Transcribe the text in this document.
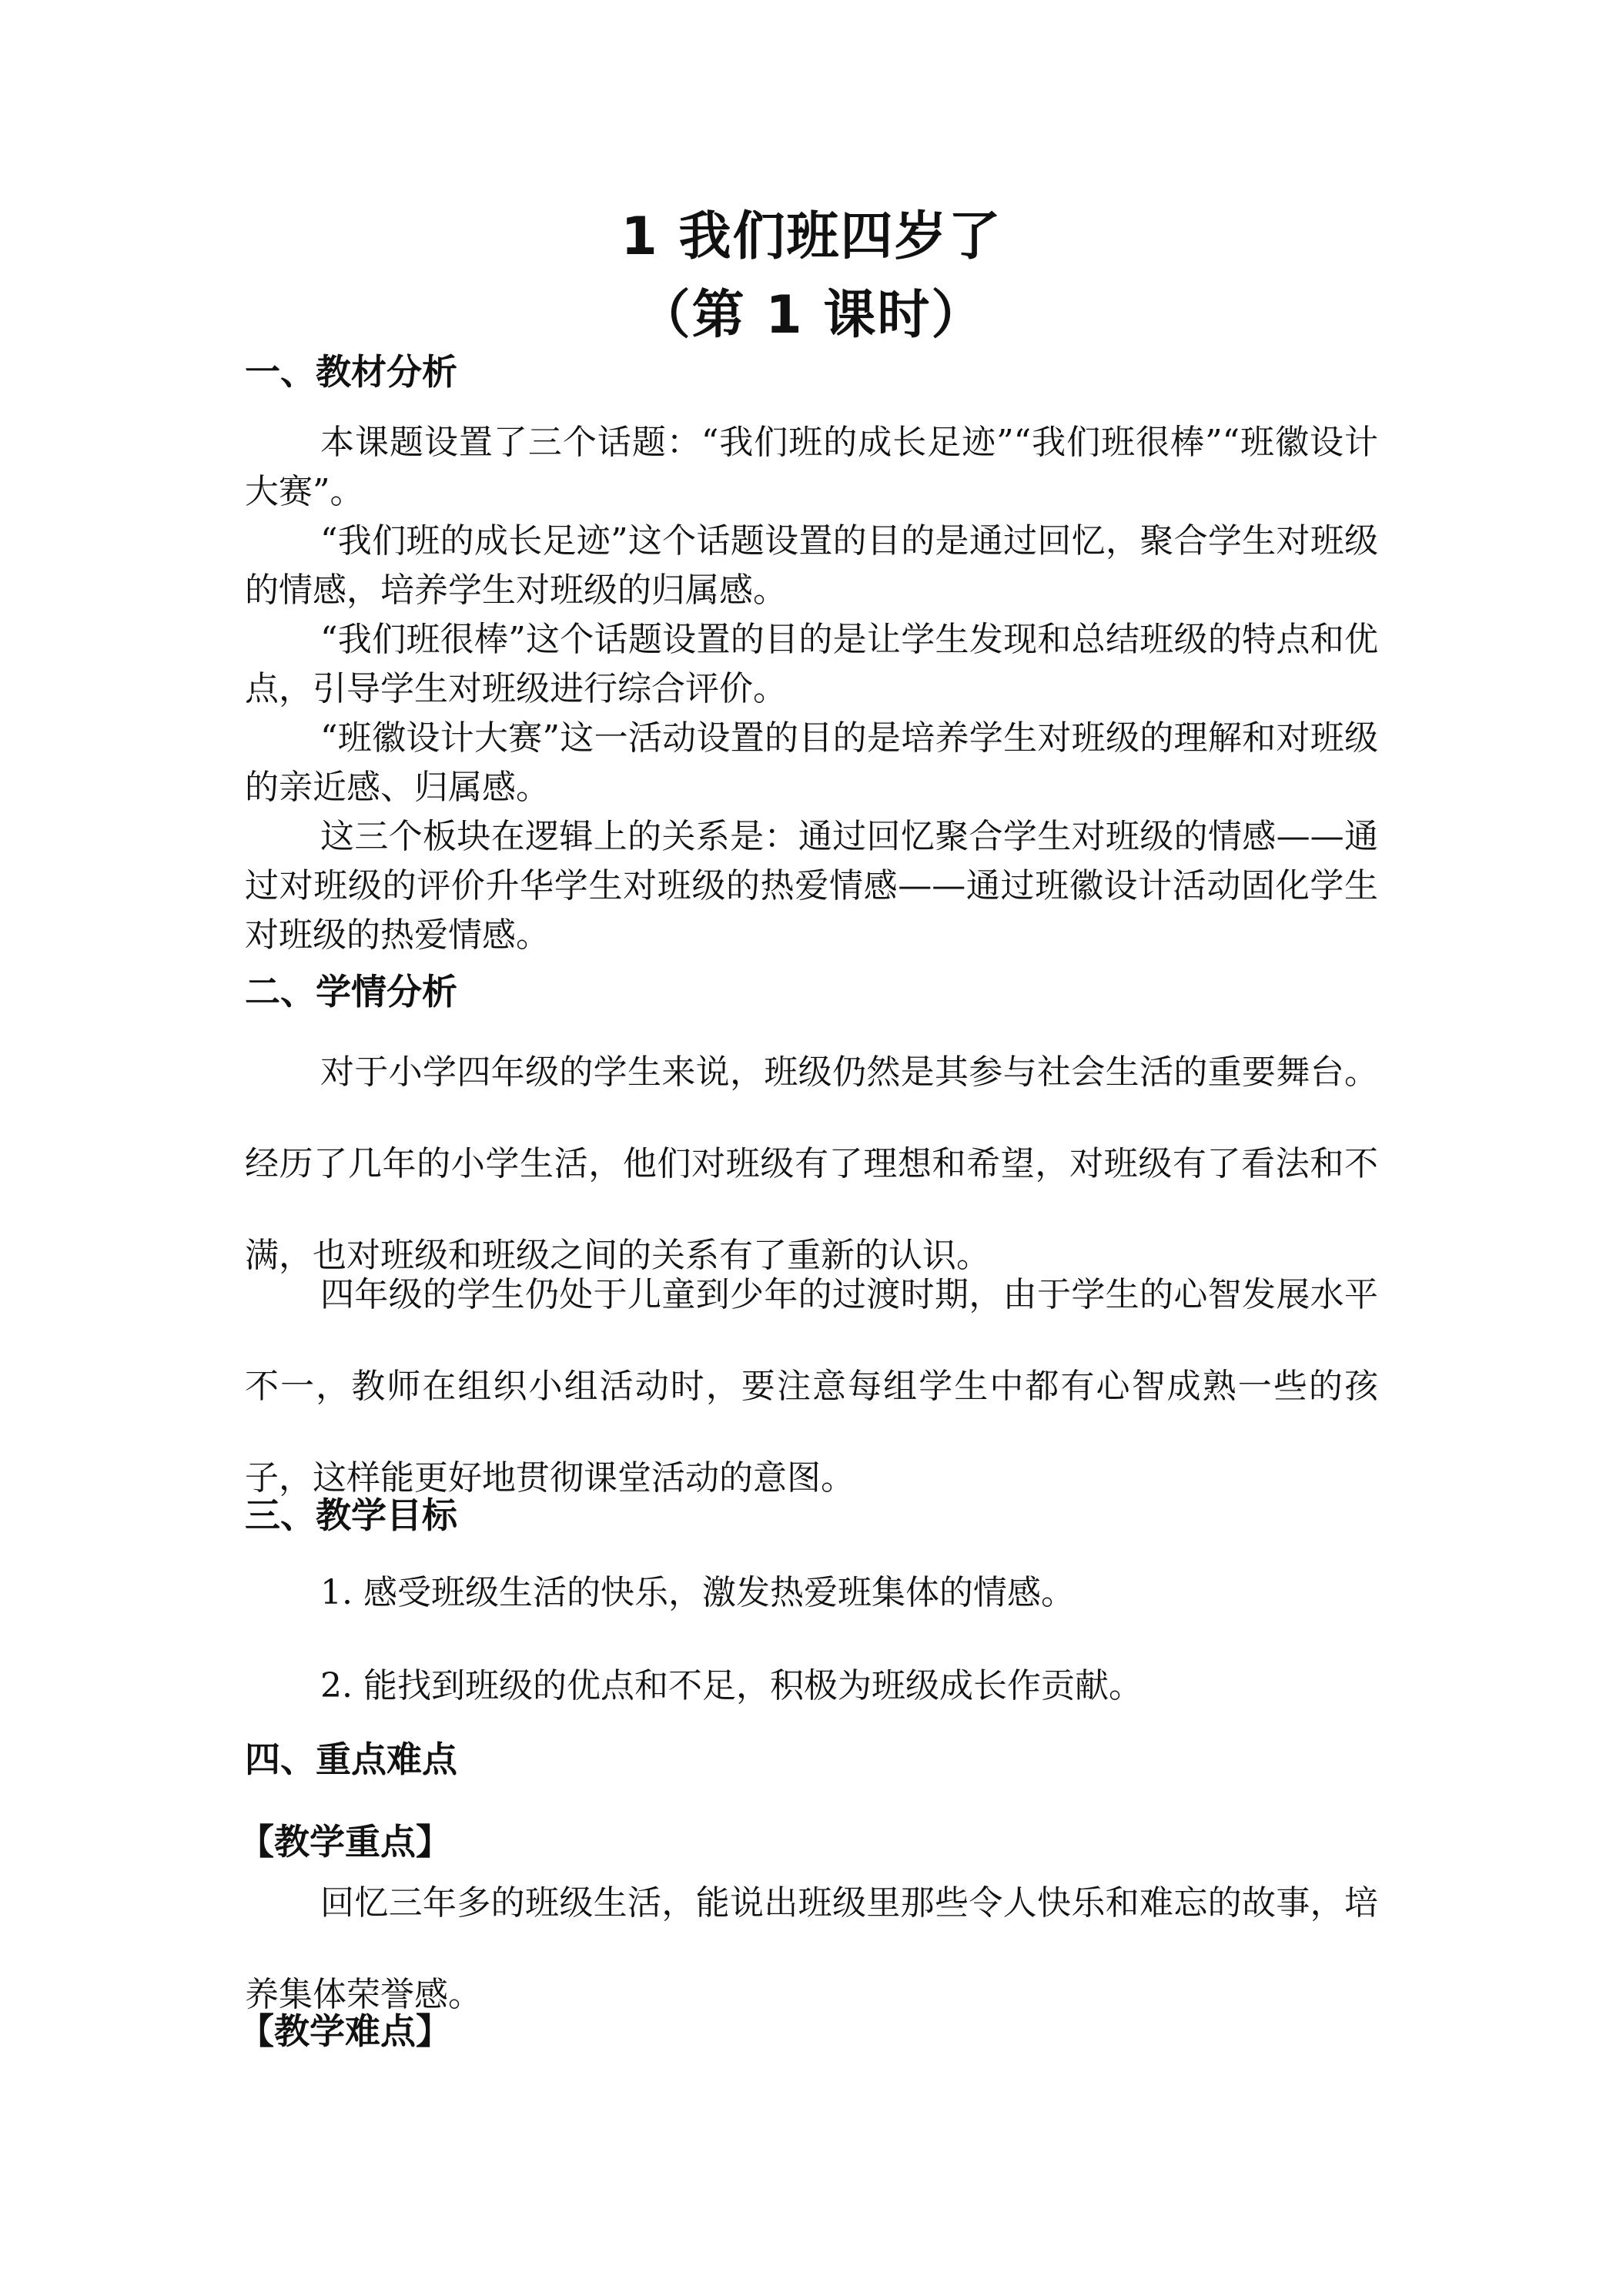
1 我们班四岁了
（第 1 课时）
一、教材分析

本课题设置了三个话题：“我们班的成长足迹”“我们班很棒”“班徽设计大赛”。

“我们班的成长足迹”这个话题设置的目的是通过回忆，聚合学生对班级的情感，培养学生对班级的归属感。

“我们班很棒”这个话题设置的目的是让学生发现和总结班级的特点和优点，引导学生对班级进行综合评价。

“班徽设计大赛”这一活动设置的目的是培养学生对班级的理解和对班级的亲近感、归属感。

这三个板块在逻辑上的关系是：通过回忆聚合学生对班级的情感——通过对班级的评价升华学生对班级的热爱情感——通过班徽设计活动固化学生对班级的热爱情感。

二、学情分析

对于小学四年级的学生来说，班级仍然是其参与社会生活的重要舞台。经历了几年的小学生活，他们对班级有了理想和希望，对班级有了看法和不满，也对班级和班级之间的关系有了重新的认识。

四年级的学生仍处于儿童到少年的过渡时期，由于学生的心智发展水平不一，教师在组织小组活动时，要注意每组学生中都有心智成熟一些的孩子，这样能更好地贯彻课堂活动的意图。

三、教学目标
1. 感受班级生活的快乐，激发热爱班集体的情感。
2. 能找到班级的优点和不足，积极为班级成长作贡献。
四、重点难点
【教学重点】

回忆三年多的班级生活，能说出班级里那些令人快乐和难忘的故事，培养集体荣誉感。

【教学难点】
